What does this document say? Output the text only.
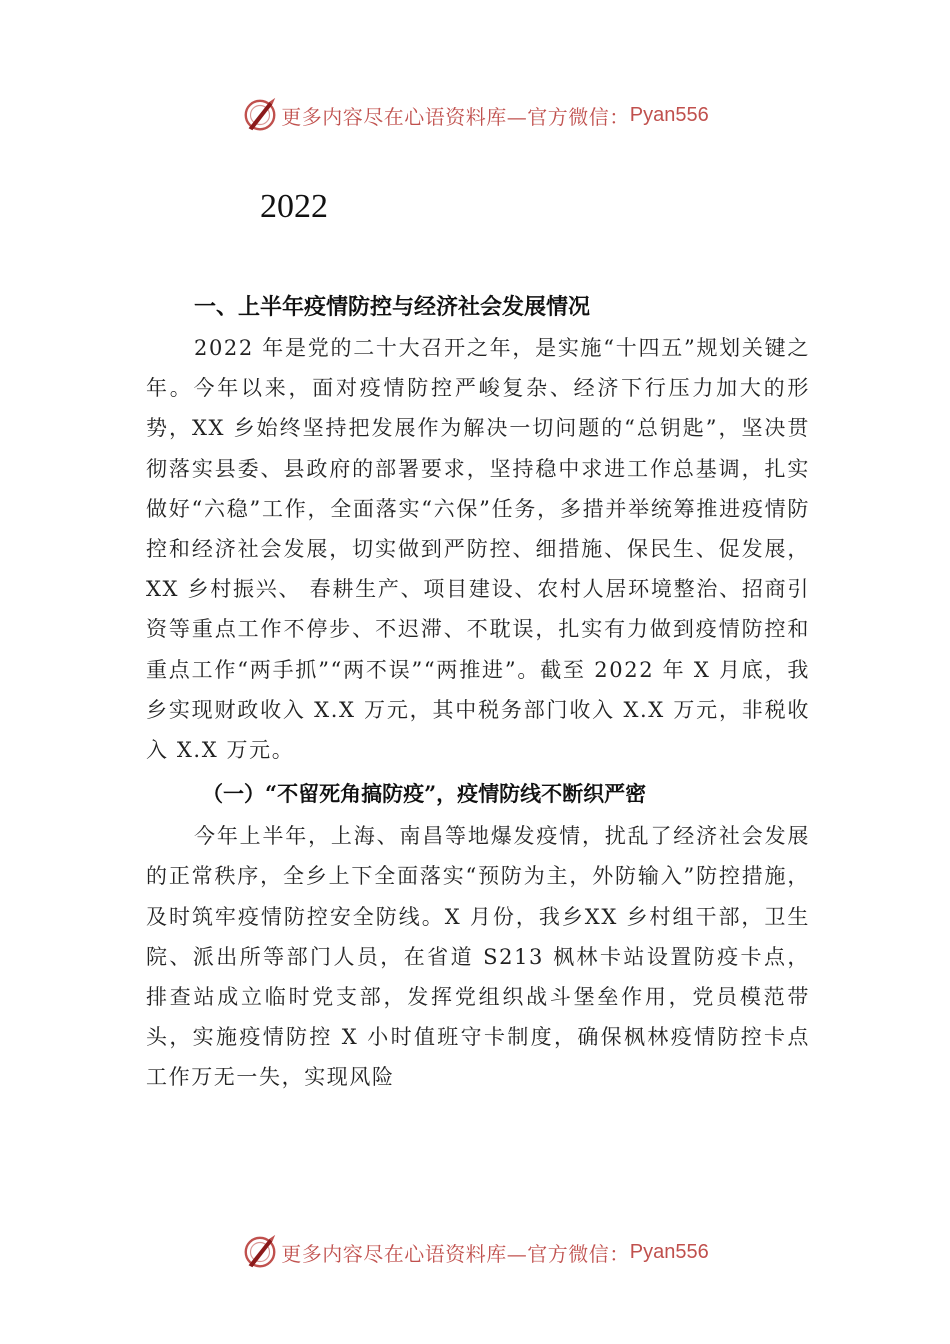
更多内容尽在心语资料库—官方微信： Pyan556
2022
一、上半年疫情防控与经济社会发展情况

2022 年是党的二十大召开之年，是实施“十四五”规划关键之年。今年以来，面对疫情防控严峻复杂、经济下行压力加大的形势，XX 乡始终坚持把发展作为解决一切问题的“总钥匙”，坚决贯彻落实县委、县政府的部署要求，坚持稳中求进工作总基调，扎实做好“六稳”工作，全面落实“六保”任务，多措并举统筹推进疫情防控和经济社会发展，切实做到严防控、细措施、保民生、促发展，XX 乡村振兴、 春耕生产、项目建设、农村人居环境整治、招商引资等重点工作不停步、不迟滞、不耽误，扎实有力做到疫情防控和重点工作“两手抓”“两不误”“两推进”。截至 2022 年 X 月底，我乡实现财政收入 X.X 万元，其中税务部门收入 X.X 万元，非税收入 X.X 万元。

（一）“不留死角搞防疫”，疫情防线不断织严密

今年上半年，上海、南昌等地爆发疫情，扰乱了经济社会发展的正常秩序，全乡上下全面落实“预防为主，外防输入”防控措施，及时筑牢疫情防控安全防线。X 月份，我乡XX 乡村组干部，卫生院、派出所等部门人员，在省道 S213 枫林卡站设置防疫卡点，排查站成立临时党支部，发挥党组织战斗堡垒作用，党员模范带头，实施疫情防控 X 小时值班守卡制度，确保枫林疫情防控卡点工作万无一失，实现风险

更多内容尽在心语资料库—官方微信： Pyan556
